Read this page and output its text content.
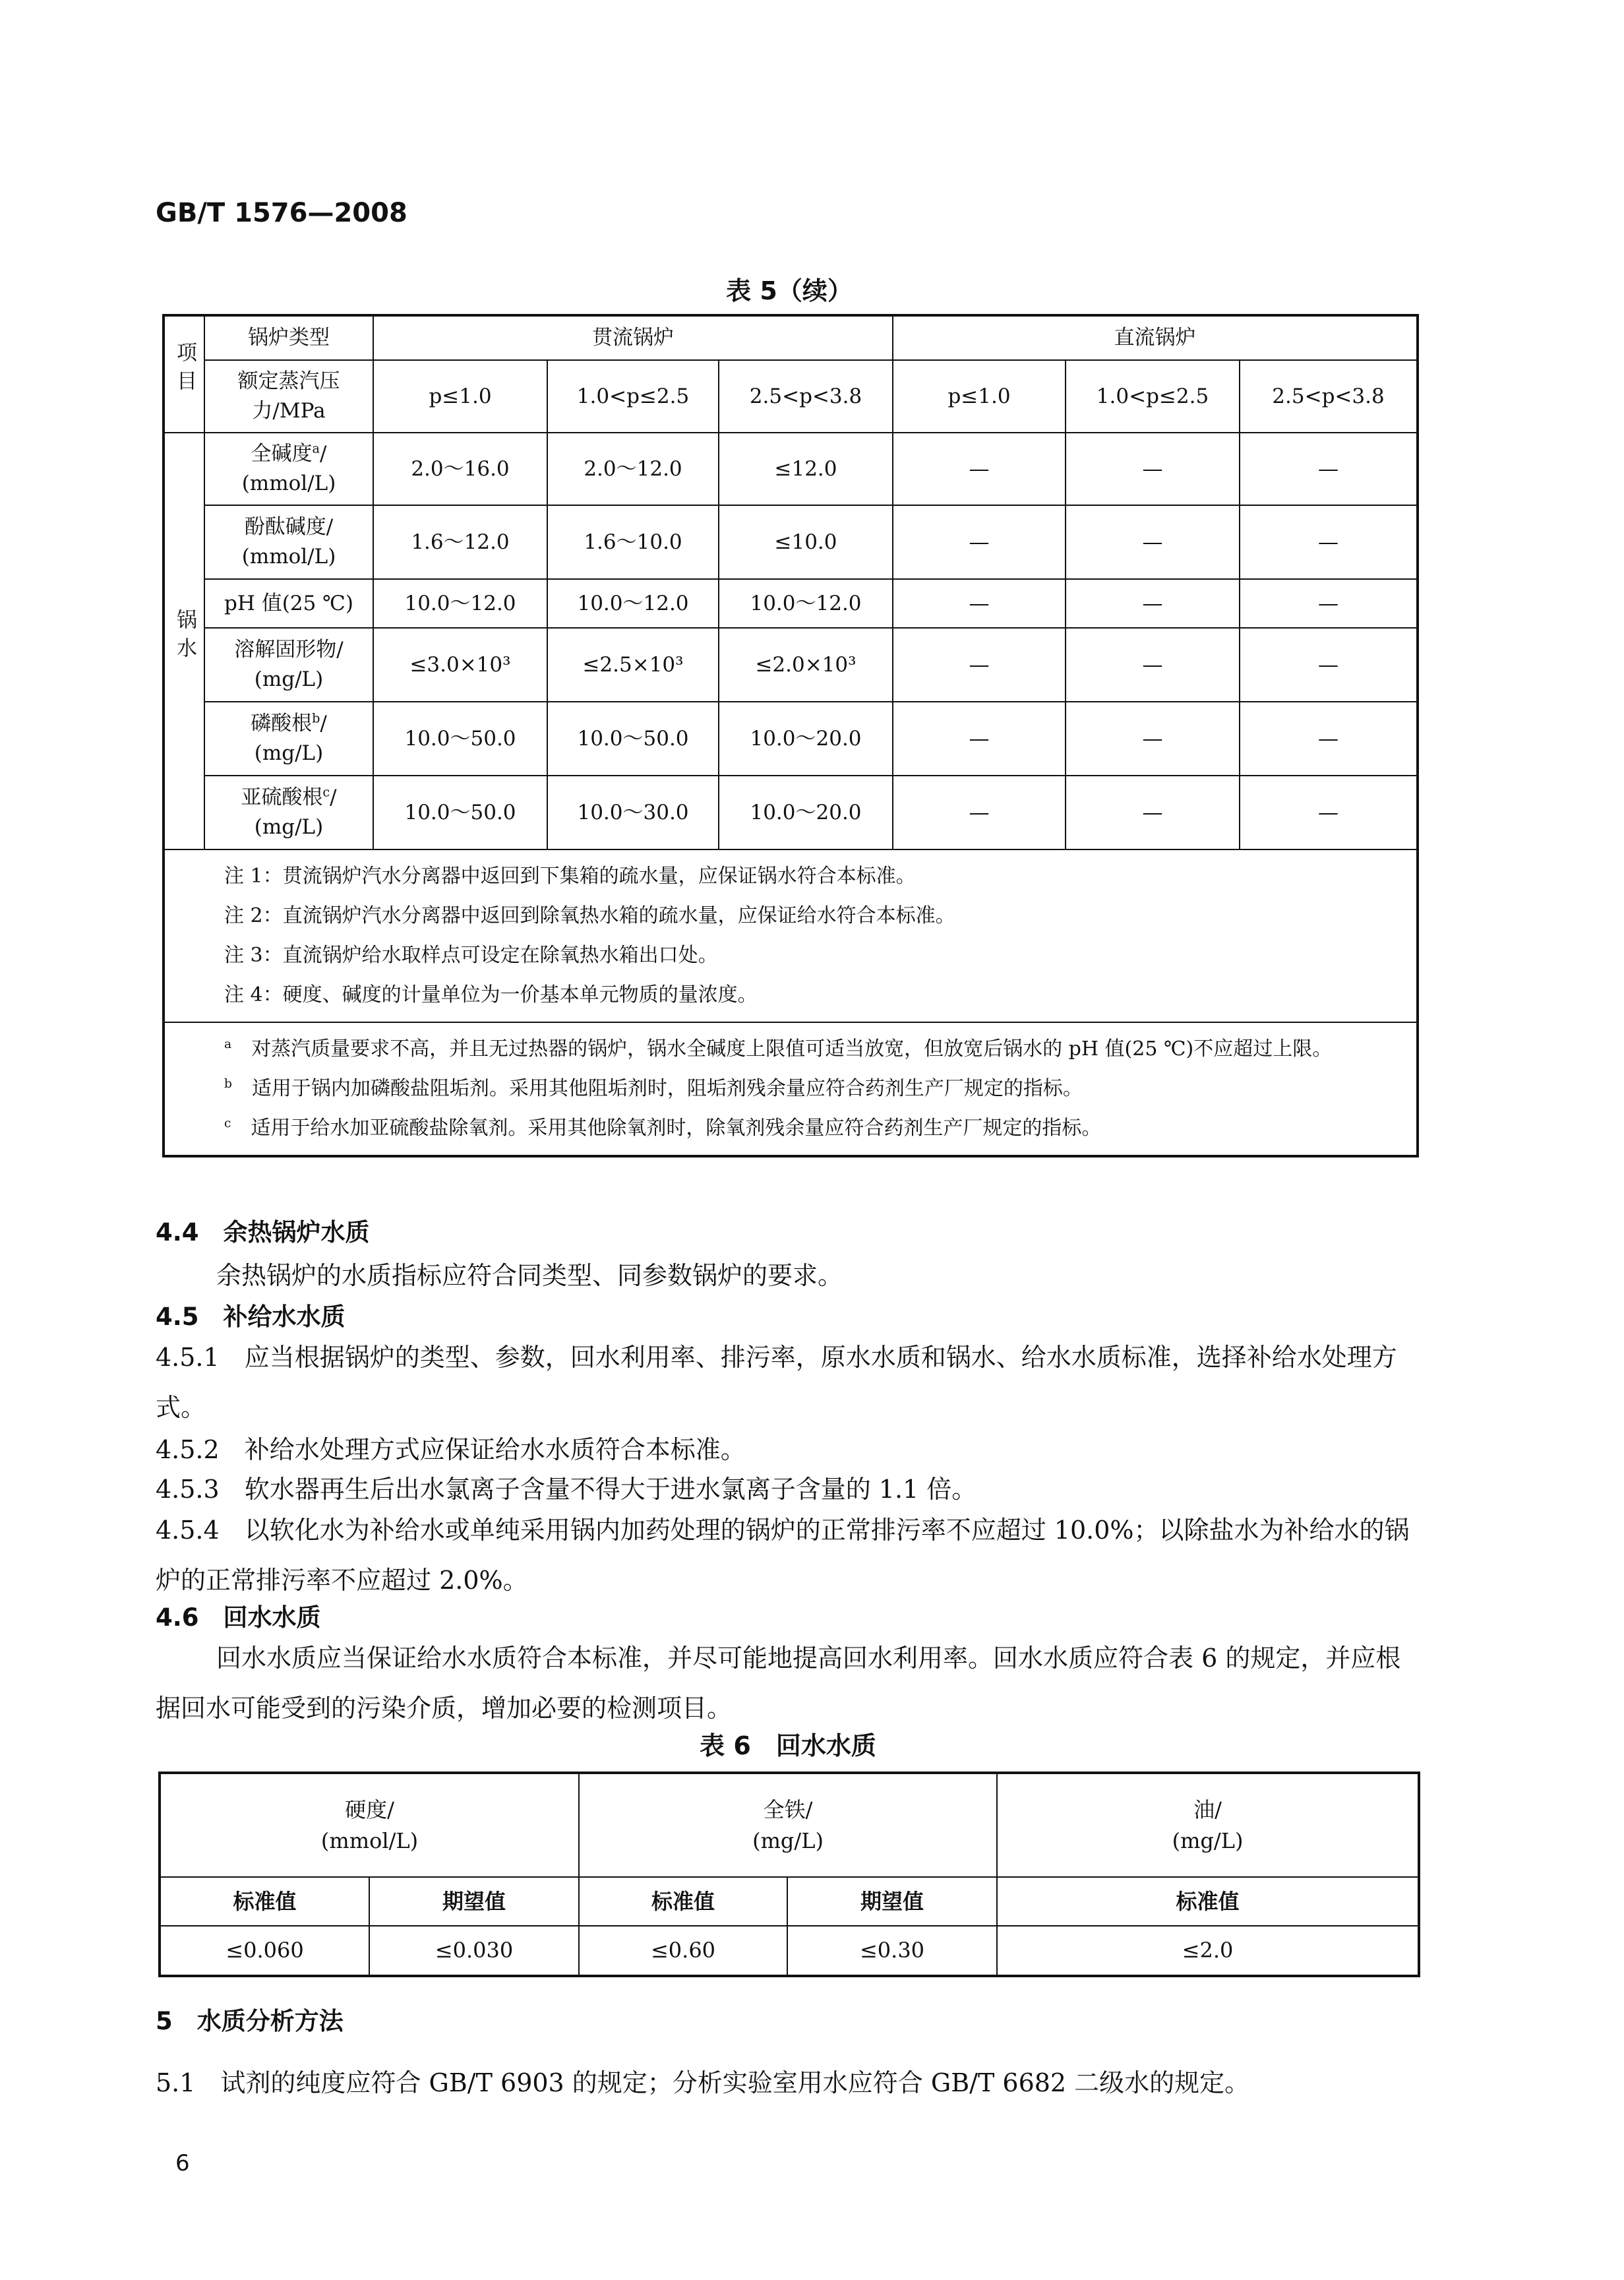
GB/T 1576—2008
表 5（续）
项目	锅炉类型	贯流锅炉			直流锅炉		
	额定蒸汽压力/MPa	p≤1.0	1.0<p≤2.5	2.5<p<3.8	p≤1.0	1.0<p≤2.5	2.5<p<3.8
锅水	全碱度$^a$/
(mmol/L)	2.0～16.0	2.0～12.0	≤12.0	—	—	—
	酚酞碱度/
(mmol/L)	1.6～12.0	1.6～10.0	≤10.0	—	—	—
	pH 值(25 ℃)	10.0～12.0	10.0～12.0	10.0～12.0	—	—	—
	溶解固形物/
(mg/L)	≤3.0×10³	≤2.5×10³	≤2.0×10³	—	—	—
	磷酸根$^b$/
(mg/L)	10.0～50.0	10.0～50.0	10.0～20.0	—	—	—
	亚硫酸根$^c$/
(mg/L)	10.0～50.0	10.0～30.0	10.0～20.0	—	—	—

注 1：贯流锅炉汽水分离器中返回到下集箱的疏水量，应保证锅水符合本标准。

注 2：直流锅炉汽水分离器中返回到除氧热水箱的疏水量，应保证给水符合本标准。

注 3：直流锅炉给水取样点可设定在除氧热水箱出口处。

注 4：硬度、碱度的计量单位为一价基本单元物质的量浓度。							

$^a$　 对蒸汽质量要求不高，并且无过热器的锅炉，锅水全碱度上限值可适当放宽，但放宽后锅水的 pH 值(25 ℃)不应超过上限。

$^b$　 适用于锅内加磷酸盐阻垢剂。采用其他阻垢剂时，阻垢剂残余量应符合药剂生产厂规定的指标。

$^c$　 适用于给水加亚硫酸盐除氧剂。采用其他除氧剂时，除氧剂残余量应符合药剂生产厂规定的指标。							

4.4　余热锅炉水质
余热锅炉的水质指标应符合同类型、同参数锅炉的要求。
4.5　补给水水质
4.5.1　应当根据锅炉的类型、参数，回水利用率、排污率，原水水质和锅水、给水水质标准，选择补给水处理方式。
4.5.2　补给水处理方式应保证给水水质符合本标准。
4.5.3　软水器再生后出水氯离子含量不得大于进水氯离子含量的 1.1 倍。
4.5.4　以软化水为补给水或单纯采用锅内加药处理的锅炉的正常排污率不应超过 10.0%；以除盐水为补给水的锅炉的正常排污率不应超过 2.0%。
4.6　回水水质
回水水质应当保证给水水质符合本标准，并尽可能地提高回水利用率。回水水质应符合表 6 的规定，并应根据回水可能受到的污染介质，增加必要的检测项目。
表 6　回水水质
硬度/
(mmol/L)		全铁/
(mg/L)		油/
(mg/L)
标准值	期望值	标准值	期望值	标准值
≤0.060	≤0.030	≤0.60	≤0.30	≤2.0
5　水质分析方法
5.1　试剂的纯度应符合 GB/T 6903 的规定；分析实验室用水应符合 GB/T 6682 二级水的规定。
6
